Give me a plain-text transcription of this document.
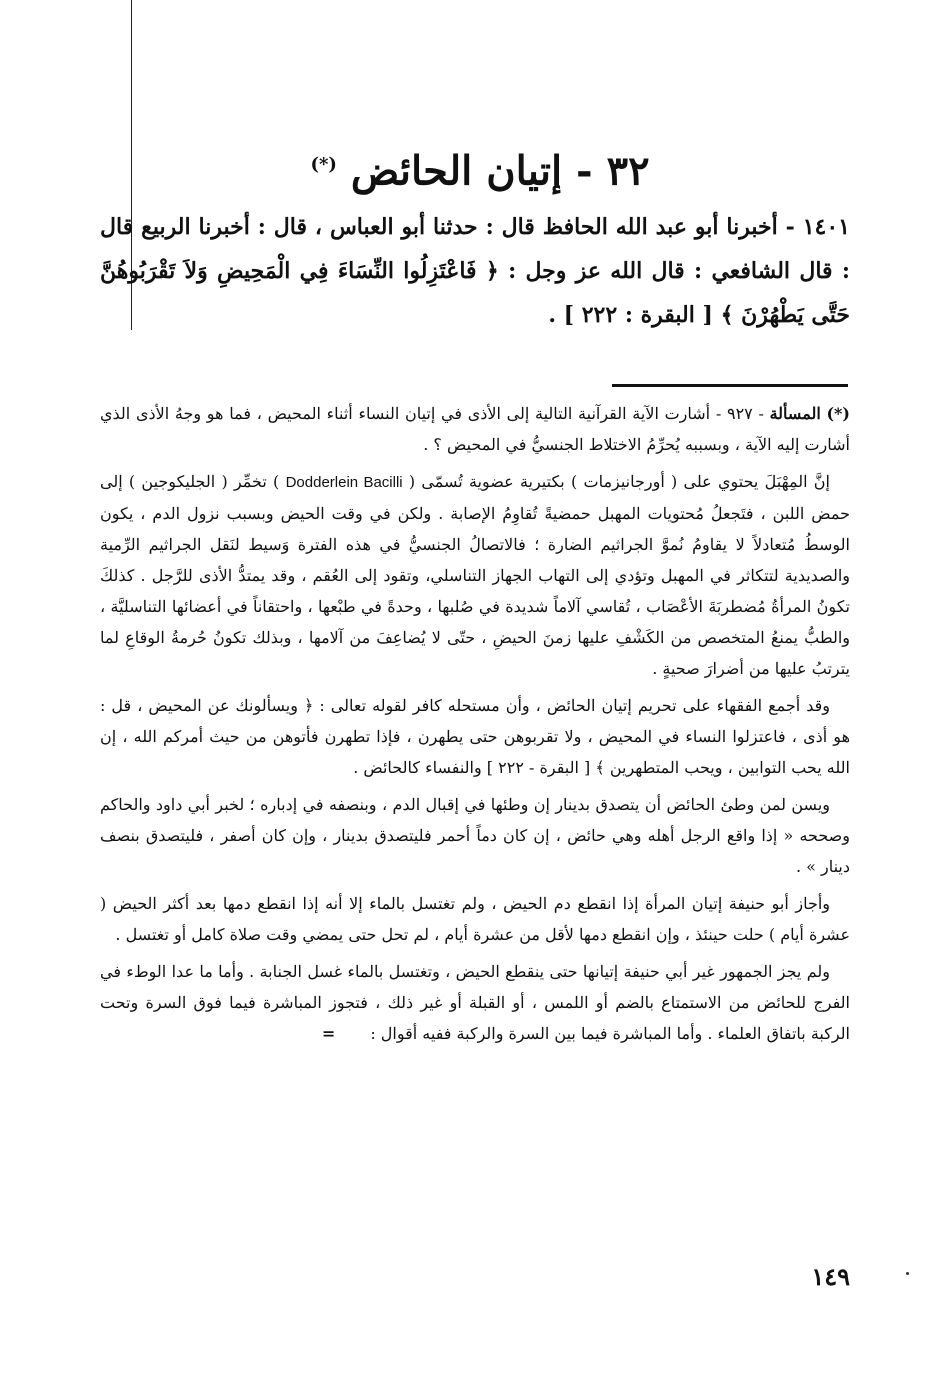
٣٢ - إتيان الحائض (*)
١٤٠١ - أخبرنا أبو عبد الله الحافظ قال : حدثنا أبو العباس ، قال : أخبرنا الربيع قال : قال الشافعي : قال الله عز وجل : ﴿ فَاعْتَزِلُوا النِّسَاءَ فِي الْمَحِيضِ وَلاَ تَقْرَبُوهُنَّ حَتَّى يَطْهُرْنَ ﴾ [ البقرة : ٢٢٢ ] .

(*) المسألة - ٩٢٧ - أشارت الآية القرآنية التالية إلى الأذى في إتيان النساء أثناء المحيض ، فما هو وجهُ الأذى الذي أشارت إليه الآية ، وبسببه يُحرِّمُ الاختلاط الجنسيُّ في المحيض ؟ .

إنَّ المِهْبَلَ يحتوي على ( أورجانيزمات ) بكتيرية عضوية تُسمّى ( Dodderlein Bacilli ) تخمِّر ( الجليكوجين ) إلى حمض اللبن ، فتَجعلُ مُحتويات المهبل حمضيةً تُقاوِمُ الإصابة . ولكن في وقت الحيض وبسبب نزول الدم ، يكون الوسطُ مُتعادلاً لا يقاومُ نُموَّ الجراثيم الضارة ؛ فالاتصالُ الجنسيُّ في هذه الفترة وَسيط لنَقل الجراثيم الرِّمية والصديدية لتتكاثر في المهبل وتؤدي إلى التهاب الجهاز التناسلي، وتقود إلى العُقم ، وقد يمتدُّ الأذى للرَّجل . كذلكَ تكونُ المرأةُ مُضطربَةَ الأعْصَاب ، تُقاسي آلاماً شديدة في صُلبها ، وحدةً في طبْعها ، واحتقاناً في أعضائها التناسليَّة ، والطبُّ يمنعُ المتخصص من الكَشْفِ عليها زمنَ الحيضِ ، حتّى لا يُضاعِفَ من آلامها ، وبذلك تكونُ حُرمةُ الوقاعِ لما يترتبُ عليها من أضرارَ صحيةٍ .

وقد أجمع الفقهاء على تحريم إتيان الحائض ، وأن مستحله كافر لقوله تعالى : ﴿ ويسألونك عن المحيض ، قل : هو أذى ، فاعتزلوا النساء في المحيض ، ولا تقربوهن حتى يطهرن ، فإذا تطهرن فأتوهن من حيث أمركم الله ، إن الله يحب التوابين ، ويحب المتطهرين ﴾ [ البقرة - ٢٢٢ ] والنفساء كالحائض .

ويسن لمن وطئ الحائض أن يتصدق بدينار إن وطئها في إقبال الدم ، وبنصفه في إدباره ؛ لخبر أبي داود والحاكم وصححه « إذا واقع الرجل أهله وهي حائض ، إن كان دماً أحمر فليتصدق بدينار ، وإن كان أصفر ، فليتصدق بنصف دينار » .

وأجاز أبو حنيفة إتيان المرأة إذا انقطع دم الحيض ، ولم تغتسل بالماء إلا أنه إذا انقطع دمها بعد أكثر الحيض ( عشرة أيام ) حلت حينئذ ، وإن انقطع دمها لأقل من عشرة أيام ، لم تحل حتى يمضي وقت صلاة كامل أو تغتسل .

ولم يجز الجمهور غير أبي حنيفة إتيانها حتى ينقطع الحيض ، وتغتسل بالماء غسل الجنابة . وأما ما عدا الوطء في الفرج للحائض من الاستمتاع بالضم أو اللمس ، أو القبلة أو غير ذلك ، فتجوز المباشرة فيما فوق السرة وتحت الركبة باتفاق العلماء . وأما المباشرة فيما بين السرة والركبة ففيه أقوال : =

١٤٩
